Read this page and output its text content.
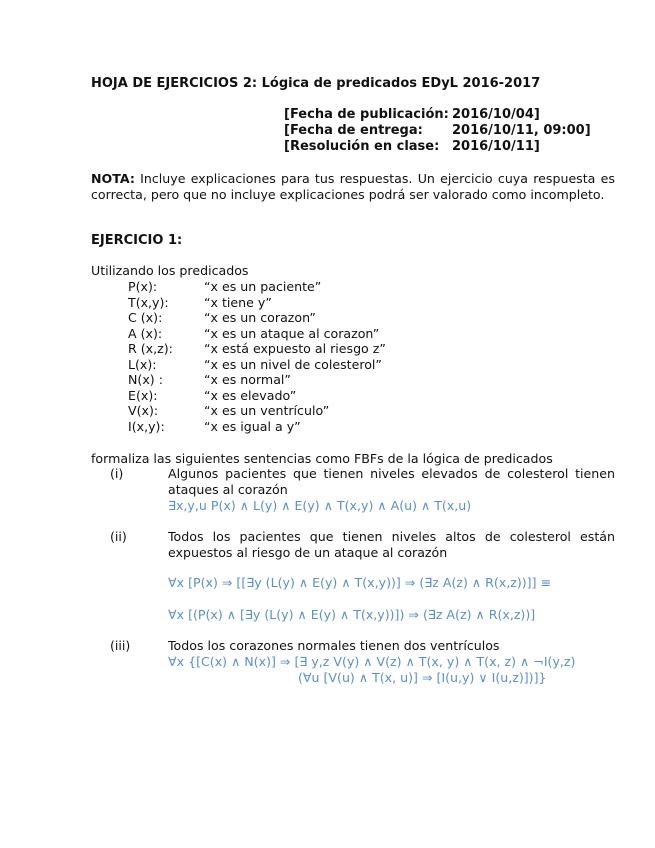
HOJA DE EJERCICIOS 2: Lógica de predicados EDyL 2016-2017
[Fecha de publicación: 2016/10/04]
[Fecha de entrega: 2016/10/11, 09:00]
[Resolución en clase: 2016/10/11]
NOTA: Incluye explicaciones para tus respuestas. Un ejercicio cuya respuesta es correcta, pero que no incluye explicaciones podrá ser valorado como incompleto.
EJERCICIO 1:
Utilizando los predicados
P(x):	“x es un paciente”
T(x,y):	“x tiene y”
C (x):	“x es un corazon”
A (x):	“x es un ataque al corazon”
R (x,z): “x está expuesto al riesgo z”
L(x):	“x es un nivel de colesterol”
N(x) :	“x es normal”
E(x):	“x es elevado”
V(x):	“x es un ventrículo”
I(x,y):	“x es igual a y”
formaliza las siguientes sentencias como FBFs de la lógica de predicados
(i)	Algunos pacientes que tienen niveles elevados de colesterol tienen ataques al corazón
∃x,y,u P(x) ∧ L(y) ∧ E(y) ∧ T(x,y) ∧ A(u) ∧ T(x,u)
(ii)	Todos los pacientes que tienen niveles altos de colesterol están expuestos al riesgo de un ataque al corazón
∀x [P(x) ⇒ [[∃y (L(y) ∧ E(y) ∧ T(x,y))] ⇒ (∃z A(z) ∧ R(x,z))]] ≡
∀x [(P(x) ∧ [∃y (L(y) ∧ E(y) ∧ T(x,y))]) ⇒ (∃z A(z) ∧ R(x,z))]
(iii)	Todos los corazones normales tienen dos ventrículos
∀x {[C(x) ∧ N(x)] ⇒ [∃ y,z V(y) ∧ V(z) ∧ T(x, y) ∧ T(x, z) ∧ ¬I(y,z)
(∀u [V(u) ∧ T(x, u)] ⇒ [I(u,y) ∨ I(u,z)])]}
